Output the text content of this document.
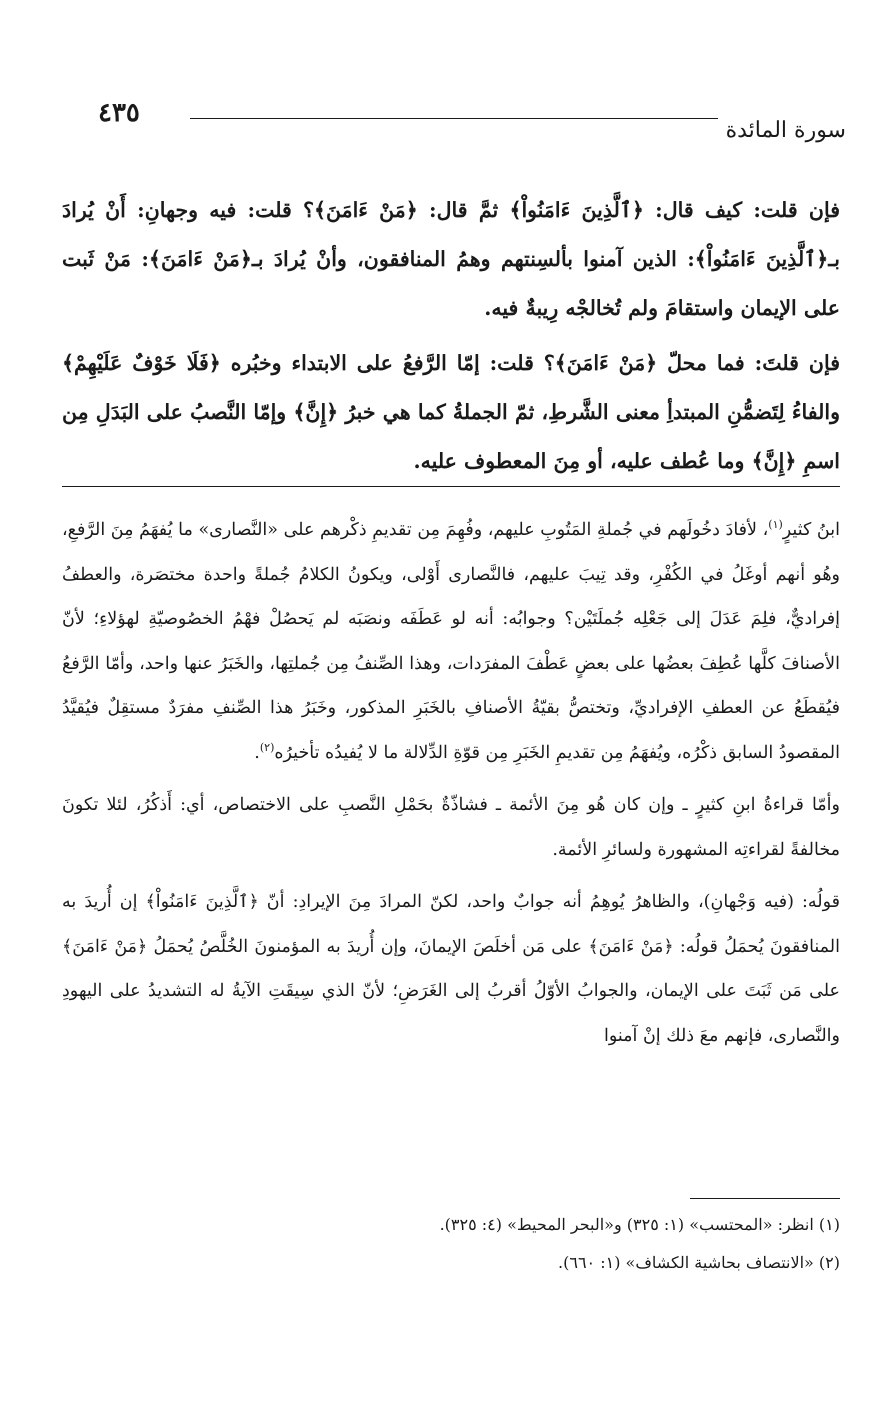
٤٣٥
سورة المائدة

فإن قلت: كيف قال: ﴿ٱلَّذِينَ ءَامَنُواْ﴾ ثمَّ قال: ﴿مَنْ ءَامَنَ﴾؟ قلت: فيه وجهانِ: أَنْ يُرادَ بـ﴿ٱلَّذِينَ ءَامَنُواْ﴾: الذين آمنوا بألسِنتهم وهمُ المنافقون، وأنْ يُرادَ بـ﴿مَنْ ءَامَنَ﴾: مَنْ ثَبت على الإيمان واستقامَ ولم تُخالجْه رِيبةٌ فيه.

فإن قلتَ: فما محلّ ﴿مَنْ ءَامَنَ﴾؟ قلت: إمّا الرَّفعُ على الابتداء وخبُره ﴿فَلَا خَوْفٌ عَلَيْهِمْ﴾ والفاءُ لِتَضمُّنِ المبتدأِ معنى الشَّرطِ، ثمّ الجملةُ كما هي خبرُ ﴿إِنَّ﴾ وإمّا النَّصبُ على البَدَلِ مِن اسمِ ﴿إِنَّ﴾ وما عُطف عليه، أو مِنَ المعطوف عليه.

ابنُ كثيرٍ$^{(١)}$، لأفادَ دخُولَهم في جُملةِ المَتُوبِ عليهم، وفُهِمَ مِن تقديمِ ذكْرهم على «النَّصارى» ما يُفهَمُ مِنَ الرَّفعِ، وهُو أنهم أوغَلُ في الكُفْرِ، وقد تِيبَ عليهم، فالنَّصارى أَوْلى، ويكونُ الكلامُ جُملةً واحدة مختصَرة، والعطفُ إفراديٌّ، فلِمَ عَدَلَ إلى جَعْلِه جُملَتَيْن؟ وجوابُه: أنه لو عَطَفَه ونصَبَه لم يَحصُلْ فهْمُ الخصُوصيّةِ لهؤلاءِ؛ لأنّ الأصنافَ كلَّها عُطِفَ بعضُها على بعضٍ عَطْفَ المفرَدات، وهذا الصِّنفُ مِن جُملتِها، والخَبَرُ عنها واحد، وأمّا الرَّفعُ فيُقطَعُ عن العطفِ الإفراديِّ، وتختصُّ بقيّةُ الأصنافِ بالخَبَرِ المذكور، وخَبَرُ هذا الصِّنفِ مفرَدٌ مستقِلٌ فيُقيَّدُ المقصودُ السابق ذكْرُه، ويُفهَمُ مِن تقديمِ الخَبَرِ مِن قوّةِ الدِّلالة ما لا يُفيدُه تأخيرُه$^{(٢)}$.

وأمّا قراءةُ ابنِ كثيرٍ ـ وإن كان هُو مِنَ الأئمة ـ فشاذّةٌ بحَمْلِ النَّصبِ على الاختصاص، أي: أَذكُرُ، لئلا تكونَ مخالفةً لقراءتِه المشهورة ولسائرِ الأئمة.

قولُه: (فيه وَجْهانِ)، والظاهرُ يُوهِمُ أنه جوابٌ واحد، لكنّ المرادَ مِنَ الإيرادِ: أنّ ﴿ٱلَّذِينَ ءَامَنُواْ﴾ إن أُريدَ به المنافقونَ يُحمَلُ قولُه: ﴿مَنْ ءَامَنَ﴾ على مَن أخلَصَ الإيمانَ، وإن أُريدَ به المؤمنونَ الخُلَّصُ يُحمَلُ ﴿مَنْ ءَامَنَ﴾ على مَن ثَبَتَ على الإيمان، والجوابُ الأوّلُ أقربُ إلى الغَرَضِ؛ لأنّ الذي سِيقَتِ الآيةُ له التشديدُ على اليهودِ والنَّصارى، فإنهم معَ ذلك إنْ آمنوا

(١) انظر: «المحتسب» (١: ٣٢٥) و«البحر المحيط» (٤: ٣٢٥).

(٢) «الانتصاف بحاشية الكشاف» (١: ٦٦٠).
